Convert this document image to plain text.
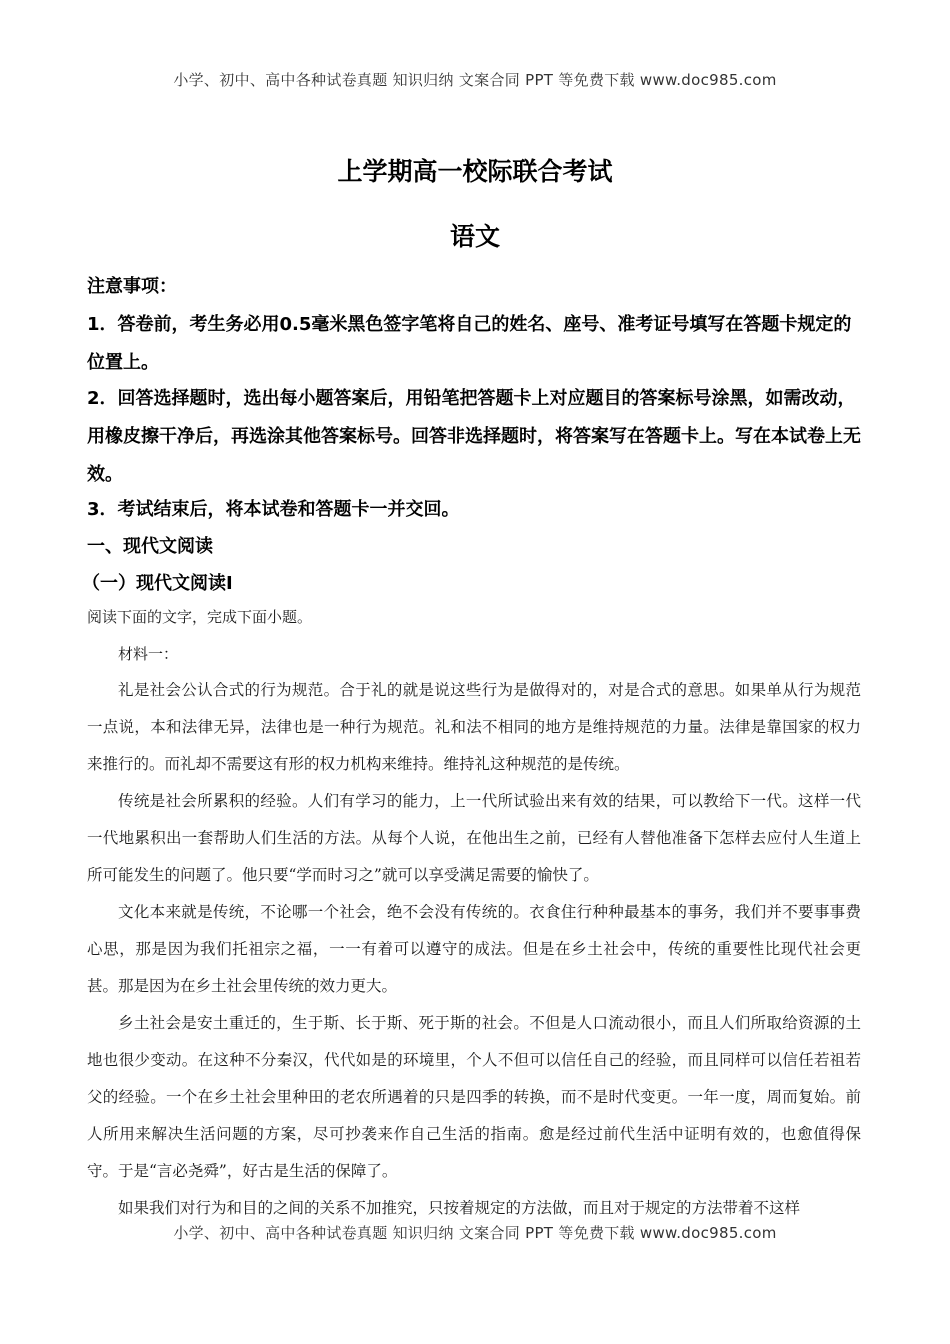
小学、初中、高中各种试卷真题 知识归纳 文案合同 PPT 等免费下载 www.doc985.com
上学期高一校际联合考试
语文
注意事项：
1．答卷前，考生务必用0.5毫米黑色签字笔将自己的姓名、座号、准考证号填写在答题卡规定的位置上。
2．回答选择题时，选出每小题答案后，用铅笔把答题卡上对应题目的答案标号涂黑，如需改动，用橡皮擦干净后，再选涂其他答案标号。回答非选择题时，将答案写在答题卡上。写在本试卷上无效。
3．考试结束后，将本试卷和答题卡一并交回。
一、现代文阅读
（一）现代文阅读Ⅰ
阅读下面的文字，完成下面小题。
材料一：
礼是社会公认合式的行为规范。合于礼的就是说这些行为是做得对的，对是合式的意思。如果单从行为规范一点说，本和法律无异，法律也是一种行为规范。礼和法不相同的地方是维持规范的力量。法律是靠国家的权力来推行的。而礼却不需要这有形的权力机构来维持。维持礼这种规范的是传统。
传统是社会所累积的经验。人们有学习的能力，上一代所试验出来有效的结果，可以教给下一代。这样一代一代地累积出一套帮助人们生活的方法。从每个人说，在他出生之前，已经有人替他准备下怎样去应付人生道上所可能发生的问题了。他只要“学而时习之”就可以享受满足需要的愉快了。
文化本来就是传统，不论哪一个社会，绝不会没有传统的。衣食住行种种最基本的事务，我们并不要事事费心思，那是因为我们托祖宗之福，一一有着可以遵守的成法。但是在乡土社会中，传统的重要性比现代社会更甚。那是因为在乡土社会里传统的效力更大。
乡土社会是安土重迁的，生于斯、长于斯、死于斯的社会。不但是人口流动很小，而且人们所取给资源的土地也很少变动。在这种不分秦汉，代代如是的环境里，个人不但可以信任自己的经验，而且同样可以信任若祖若父的经验。一个在乡土社会里种田的老农所遇着的只是四季的转换，而不是时代变更。一年一度，周而复始。前人所用来解决生活问题的方案，尽可抄袭来作自己生活的指南。愈是经过前代生活中证明有效的，也愈值得保守。于是“言必尧舜”，好古是生活的保障了。
如果我们对行为和目的之间的关系不加推究，只按着规定的方法做，而且对于规定的方法带着不这样
小学、初中、高中各种试卷真题 知识归纳 文案合同 PPT 等免费下载 www.doc985.com
